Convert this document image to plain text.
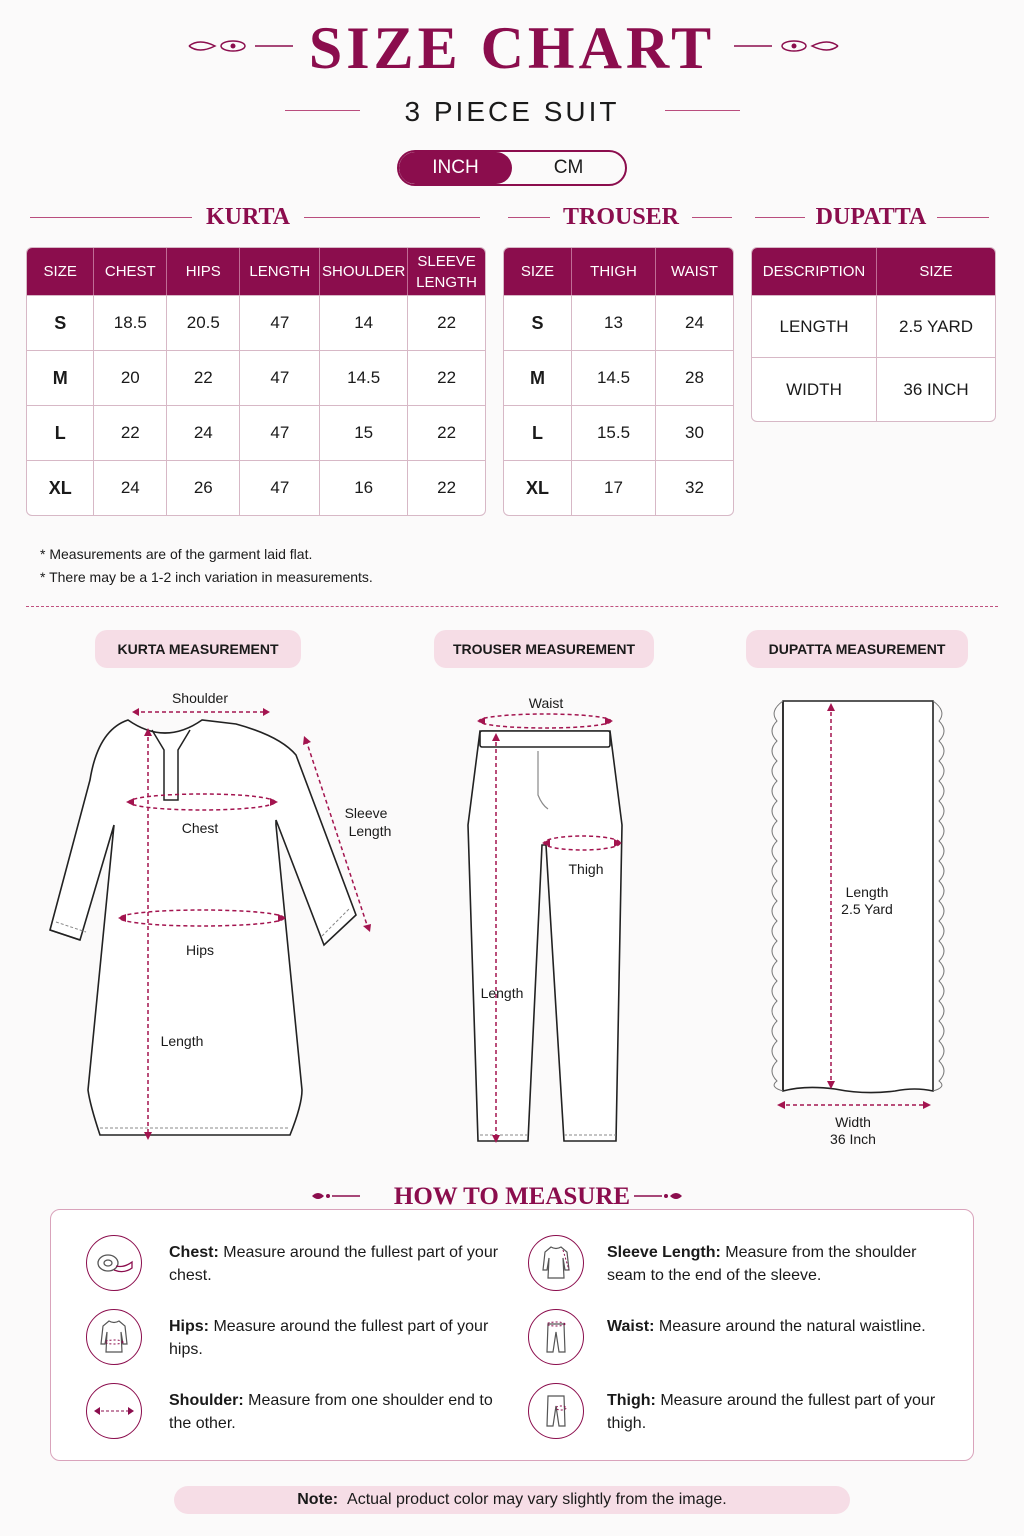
SIZE CHART
3 PIECE SUIT
INCH	CM
KURTA	TROUSER	DUPATTA
SIZE	CHEST	HIPS	LENGTH	SHOULDER	SLEEVE LENGTH
S	18.5	20.5	47	14	22
M	20	22	47	14.5	22
L	22	24	47	15	22
XL	24	26	47	16	22
SIZE	THIGH	WAIST
S	13	24
M	14.5	28
L	15.5	30
XL	17	32
DESCRIPTION	SIZE
LENGTH	2.5 YARD
WIDTH	36 INCH
* Measurements are of the garment laid flat.
* There may be a 1-2 inch variation in measurements.
KURTA MEASUREMENT	TROUSER MEASUREMENT	DUPATTA MEASUREMENT
Shoulder
Chest
Sleeve
Length
Hips
Length
Waist
Thigh
Length
Length
2.5 Yard
Width
36 Inch
HOW TO MEASURE
Chest: Measure around the fullest part of your chest.
Sleeve Length: Measure from the shoulder seam to the end of the sleeve.
Hips: Measure around the fullest part of your hips.
Waist: Measure around the natural waistline.
Shoulder: Measure from one shoulder end to the other.
Thigh: Measure around the fullest part of your thigh.
Note:
Actual product color may vary slightly from the image.
